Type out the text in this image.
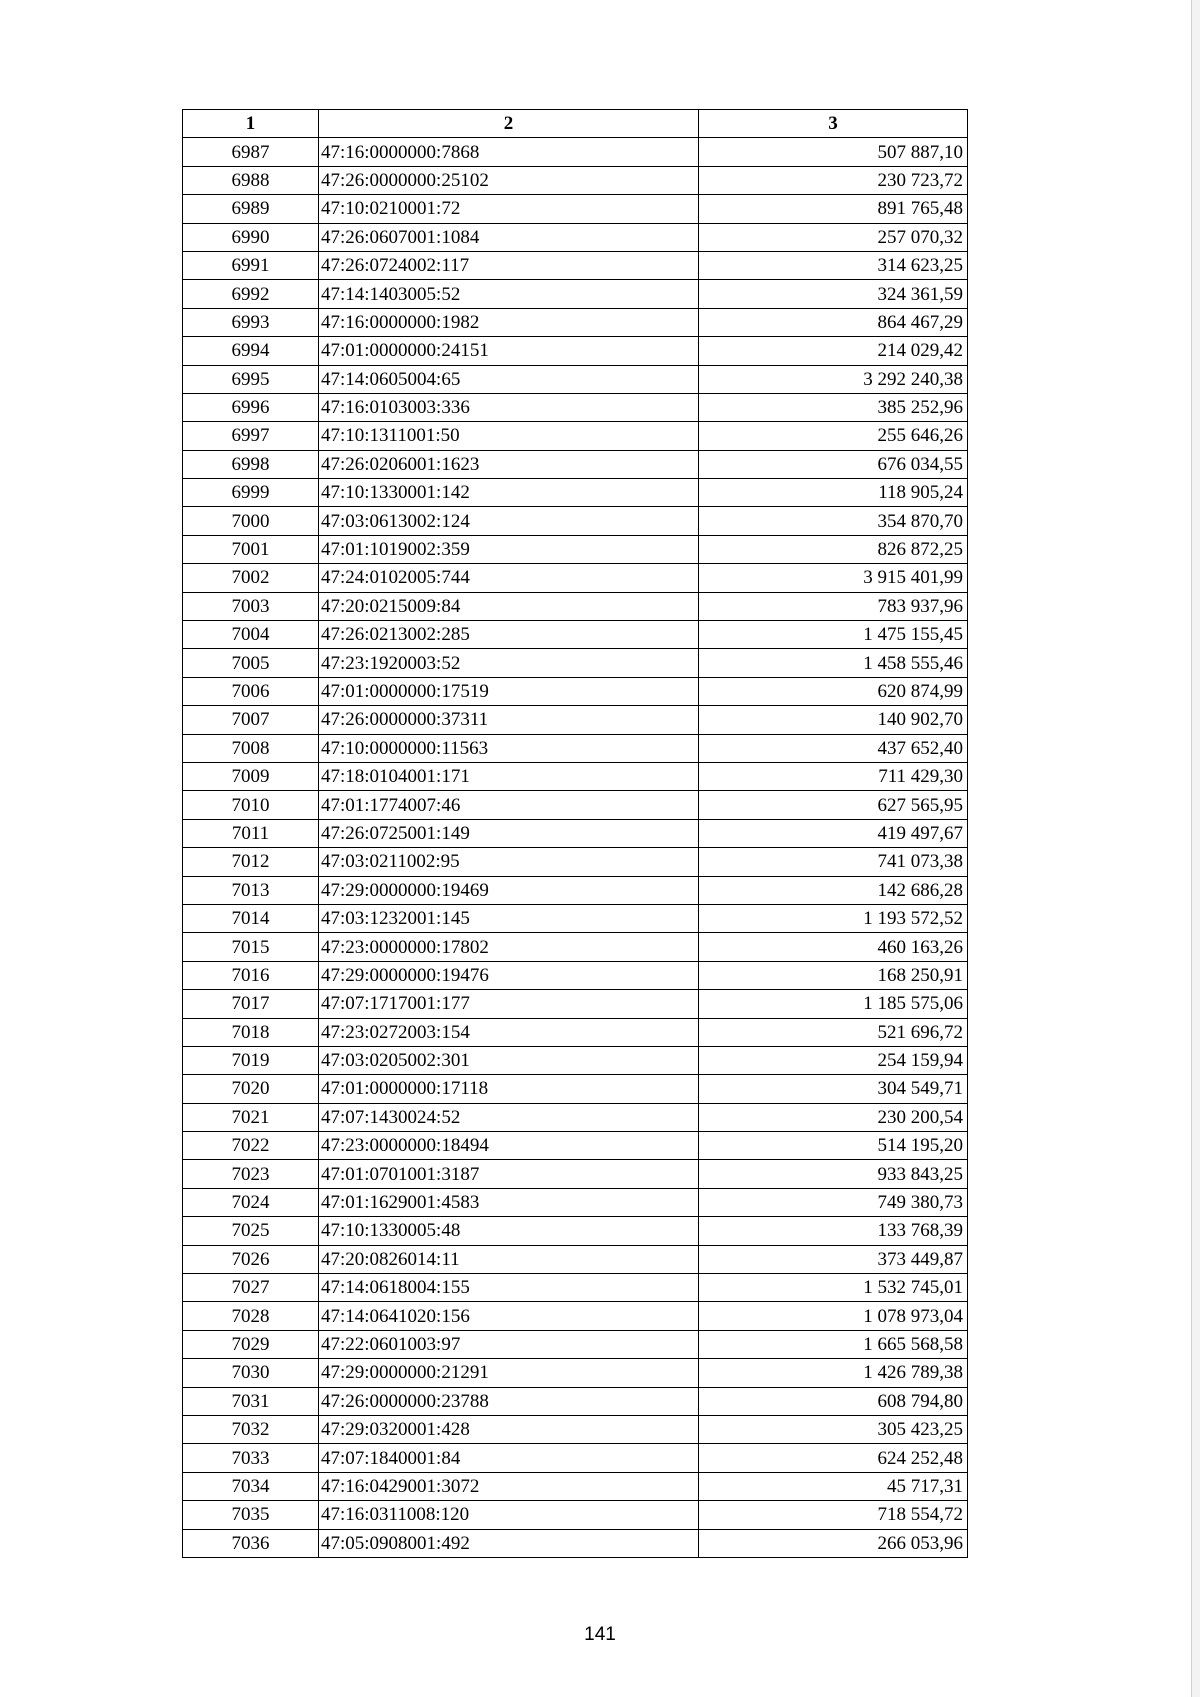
1	2	3
6987	47:16:0000000:7868	507 887,10
6988	47:26:0000000:25102	230 723,72
6989	47:10:0210001:72	891 765,48
6990	47:26:0607001:1084	257 070,32
6991	47:26:0724002:117	314 623,25
6992	47:14:1403005:52	324 361,59
6993	47:16:0000000:1982	864 467,29
6994	47:01:0000000:24151	214 029,42
6995	47:14:0605004:65	3 292 240,38
6996	47:16:0103003:336	385 252,96
6997	47:10:1311001:50	255 646,26
6998	47:26:0206001:1623	676 034,55
6999	47:10:1330001:142	118 905,24
7000	47:03:0613002:124	354 870,70
7001	47:01:1019002:359	826 872,25
7002	47:24:0102005:744	3 915 401,99
7003	47:20:0215009:84	783 937,96
7004	47:26:0213002:285	1 475 155,45
7005	47:23:1920003:52	1 458 555,46
7006	47:01:0000000:17519	620 874,99
7007	47:26:0000000:37311	140 902,70
7008	47:10:0000000:11563	437 652,40
7009	47:18:0104001:171	711 429,30
7010	47:01:1774007:46	627 565,95
7011	47:26:0725001:149	419 497,67
7012	47:03:0211002:95	741 073,38
7013	47:29:0000000:19469	142 686,28
7014	47:03:1232001:145	1 193 572,52
7015	47:23:0000000:17802	460 163,26
7016	47:29:0000000:19476	168 250,91
7017	47:07:1717001:177	1 185 575,06
7018	47:23:0272003:154	521 696,72
7019	47:03:0205002:301	254 159,94
7020	47:01:0000000:17118	304 549,71
7021	47:07:1430024:52	230 200,54
7022	47:23:0000000:18494	514 195,20
7023	47:01:0701001:3187	933 843,25
7024	47:01:1629001:4583	749 380,73
7025	47:10:1330005:48	133 768,39
7026	47:20:0826014:11	373 449,87
7027	47:14:0618004:155	1 532 745,01
7028	47:14:0641020:156	1 078 973,04
7029	47:22:0601003:97	1 665 568,58
7030	47:29:0000000:21291	1 426 789,38
7031	47:26:0000000:23788	608 794,80
7032	47:29:0320001:428	305 423,25
7033	47:07:1840001:84	624 252,48
7034	47:16:0429001:3072	45 717,31
7035	47:16:0311008:120	718 554,72
7036	47:05:0908001:492	266 053,96
141
